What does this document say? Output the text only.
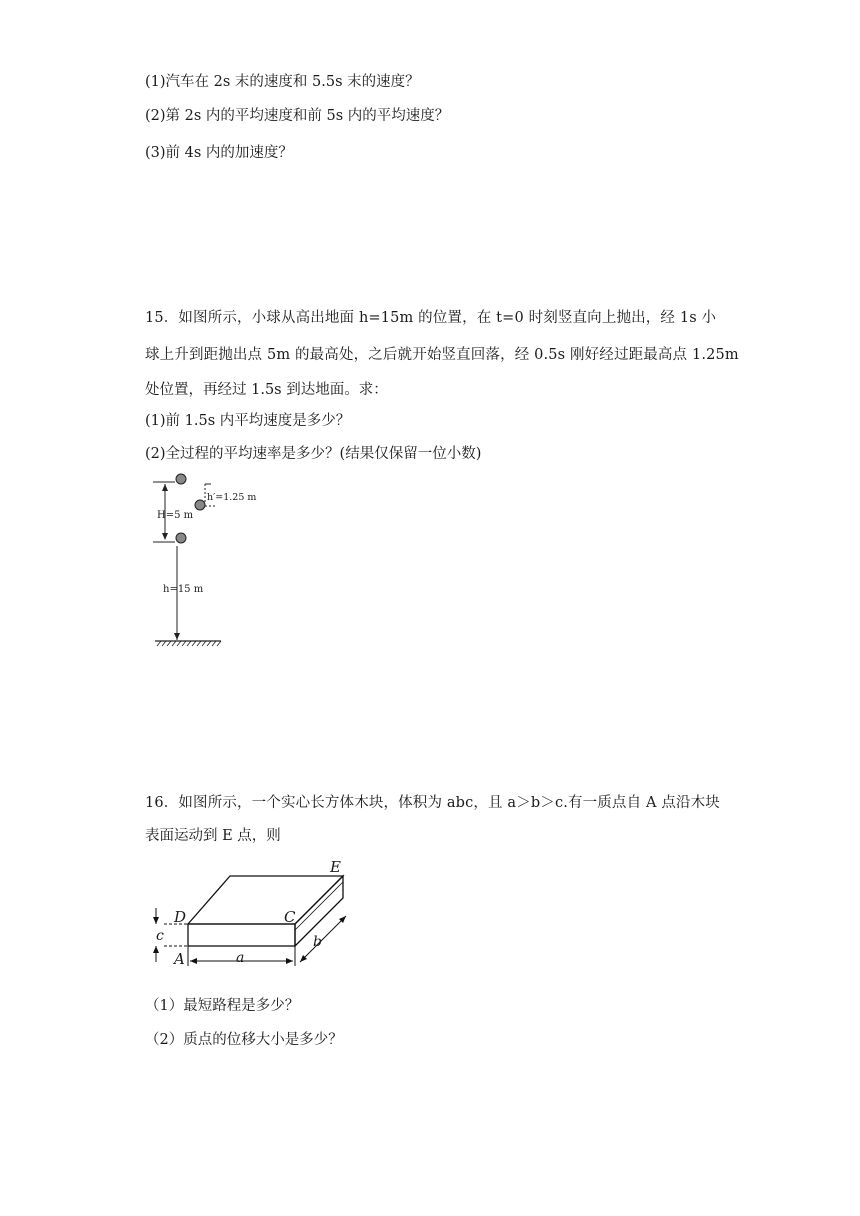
(1)汽车在 2s 末的速度和 5.5s 末的速度？

(2)第 2s 内的平均速度和前 5s 内的平均速度？

(3)前 4s 内的加速度？

15．如图所示，小球从高出地面 h=15m 的位置，在 t=0 时刻竖直向上抛出，经 1s 小

球上升到距抛出点 5m 的最高处，之后就开始竖直回落，经 0.5s 刚好经过距最高点 1.25m

处位置，再经过 1.5s 到达地面。求：

(1)前 1.5s 内平均速度是多少？

(2)全过程的平均速率是多少？(结果仅保留一位小数)

H=5 m
h′=1.25 m
h=15 m

16．如图所示，一个实心长方体木块，体积为 abc，且 a＞b＞c.有一质点自 A 点沿木块

表面运动到 E 点，则

c
a
b
D	C
E
A

（1）最短路程是多少？

（2）质点的位移大小是多少？
